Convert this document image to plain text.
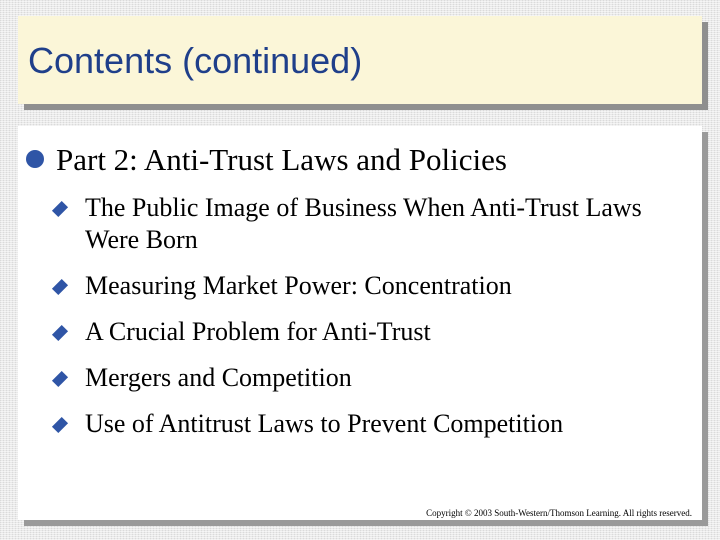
Contents (continued)
Part 2: Anti-Trust Laws and Policies
The Public Image of Business When Anti-Trust Laws Were Born
Measuring Market Power: Concentration
A Crucial Problem for Anti-Trust
Mergers and Competition
Use of Antitrust Laws to Prevent Competition
Copyright © 2003 South-Western/Thomson Learning. All rights reserved.
